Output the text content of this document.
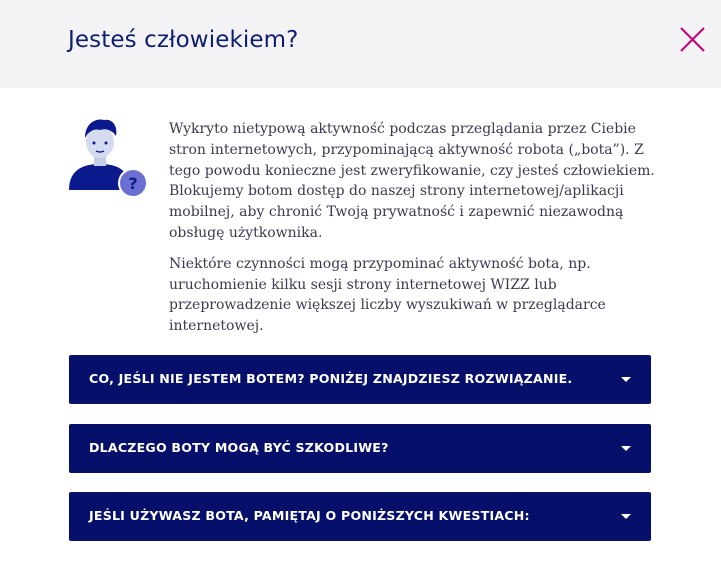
Jesteś człowiekiem?
?

Wykryto nietypową aktywność podczas przeglądania przez Ciebie stron internetowych, przypominającą aktywność robota („bota”). Z tego powodu konieczne jest zweryfikowanie, czy jesteś człowiekiem. Blokujemy botom dostęp do naszej strony internetowej/aplikacji mobilnej, aby chronić Twoją prywatność i zapewnić niezawodną obsługę użytkownika.

Niektóre czynności mogą przypominać aktywność bota, np. uruchomienie kilku sesji strony internetowej WIZZ lub przeprowadzenie większej liczby wyszukiwań w przeglądarce internetowej.

CO, JEŚLI NIE JESTEM BOTEM? PONIŻEJ ZNAJDZIESZ ROZWIĄZANIE.
DLACZEGO BOTY MOGĄ BYĆ SZKODLIWE?
JEŚLI UŻYWASZ BOTA, PAMIĘTAJ O PONIŻSZYCH KWESTIACH:
